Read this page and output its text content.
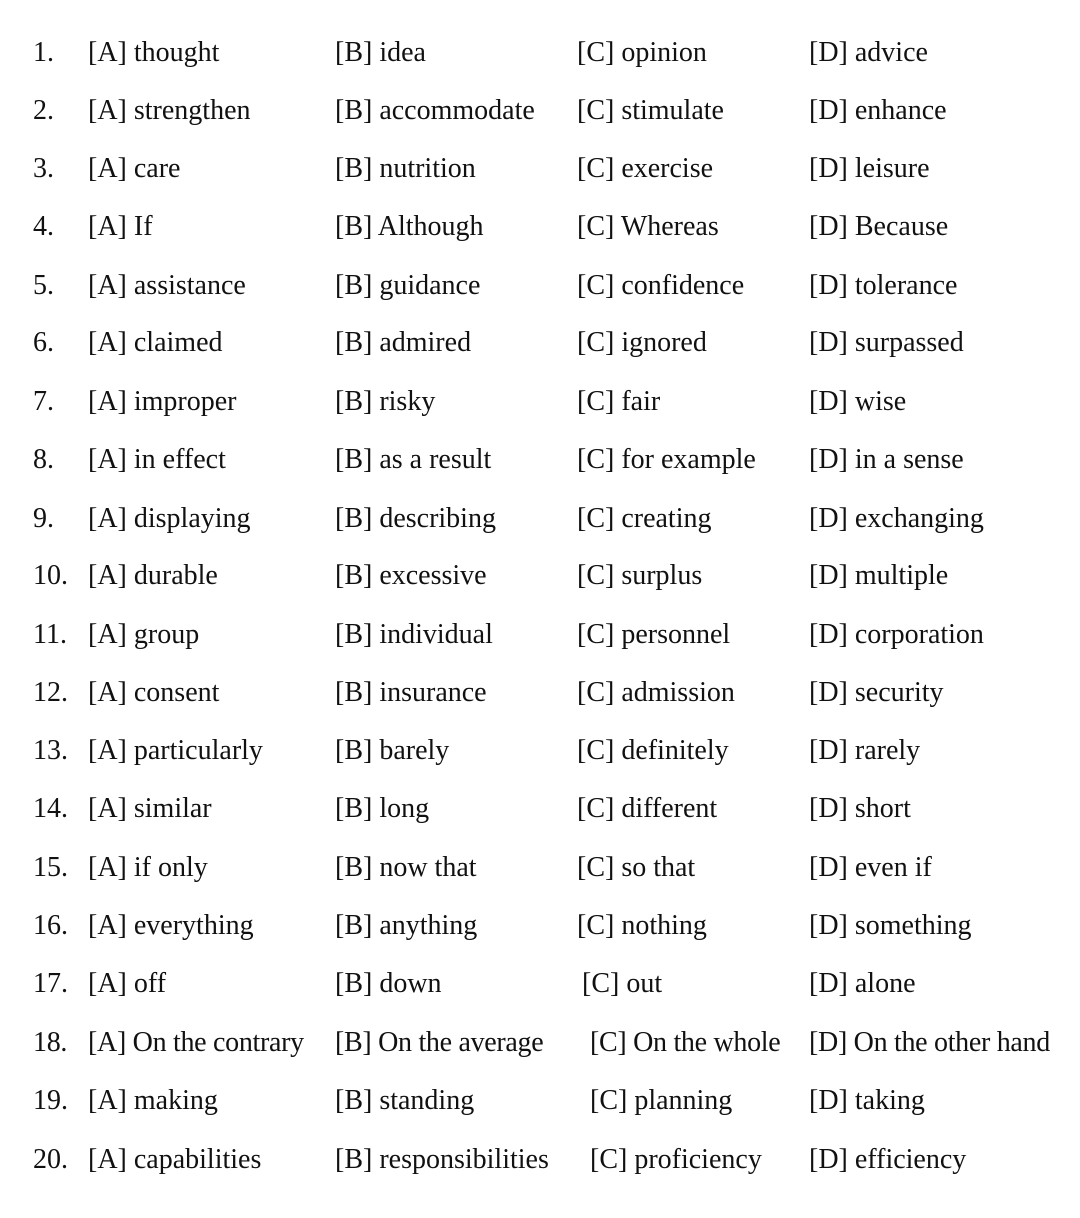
1. [A] thought	[B] idea	[C] opinion	[D] advice
2. [A] strengthen	[B] accommodate [C] stimulate	[D] enhance
3. [A] care	[B] nutrition	[C] exercise	[D] leisure
4. [A] If	[B] Although	[C] Whereas	[D] Because
5. [A] assistance	[B] guidance	[C] confidence [D] tolerance
6. [A] claimed	[B] admired	[C] ignored	[D] surpassed
7. [A] improper	[B] risky	[C] fair	[D] wise
8. [A] in effect	[B] as a result	[C] for example [D] in a sense
9. [A] displaying	[B] describing	[C] creating	[D] exchanging
10. [A] durable	[B] excessive	[C] surplus	[D] multiple
11. [A] group	[B] individual	[C] personnel	[D] corporation
12. [A] consent	[B] insurance	[C] admission	[D] security
13. [A] particularly	[B] barely	[C] definitely	[D] rarely
14. [A] similar	[B] long	[C] different	[D] short
15. [A] if only	[B] now that	[C] so that	[D] even if
16. [A] everything	[B] anything	[C] nothing	[D] something
17. [A] off	[B] down	[C] out	[D] alone
18. [A] On the contrary [B] On the average [C] On the whole [D] On the other hand
19. [A] making	[B] standing	[C] planning	[D] taking
20. [A] capabilities	[B] responsibilities [C] proficiency [D] efficiency
